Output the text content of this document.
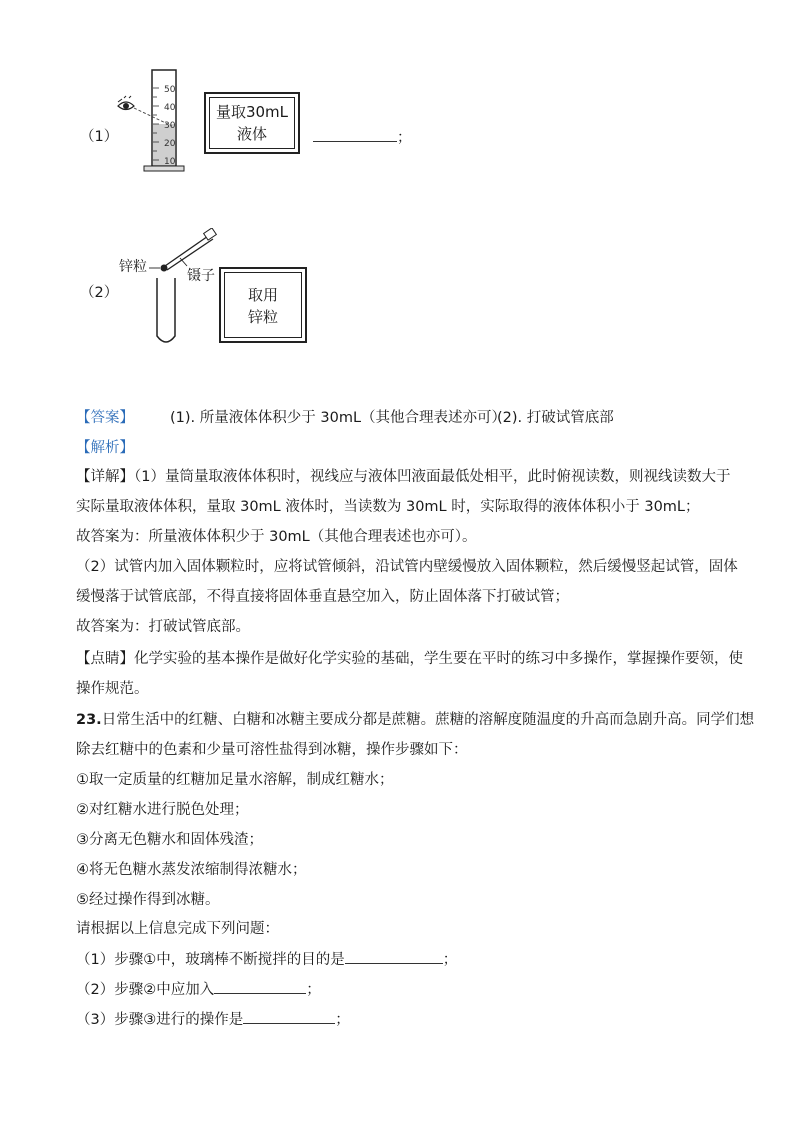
（1）
50
40
30
20
10
量取30mL
液体	；
（2）
锌粒
镊子
取用
锌粒
【答案】 (1). 所量液体体积少于 30mL（其他合理表述亦可）
(2). 打破试管底部
【解析】
【详解】（1）量筒量取液体体积时，视线应与液体凹液面最低处相平，此时俯视读数，则视线读数大于
实际量取液体体积，量取 30mL 液体时，当读数为 30mL 时，实际取得的液体体积小于 30mL；
故答案为：所量液体体积少于 30mL（其他合理表述也亦可）。
（2）试管内加入固体颗粒时，应将试管倾斜，沿试管内壁缓慢放入固体颗粒，然后缓慢竖起试管，固体
缓慢落于试管底部，不得直接将固体垂直悬空加入，防止固体落下打破试管；
故答案为：打破试管底部。
【点睛】化学实验的基本操作是做好化学实验的基础，学生要在平时的练习中多操作，掌握操作要领，使
操作规范。
23.日常生活中的红糖、白糖和冰糖主要成分都是蔗糖。蔗糖的溶解度随温度的升高而急剧升高。同学们想
除去红糖中的色素和少量可溶性盐得到冰糖，操作步骤如下：
①取一定质量的红糖加足量水溶解，制成红糖水；
②对红糖水进行脱色处理；
③分离无色糖水和固体残渣；
④将无色糖水蒸发浓缩制得浓糖水；
⑤经过操作得到冰糖。
请根据以上信息完成下列问题：
（1）步骤①中，玻璃棒不断搅拌的目的是	；
（2）步骤②中应加入	；
（3）步骤③进行的操作是	；
